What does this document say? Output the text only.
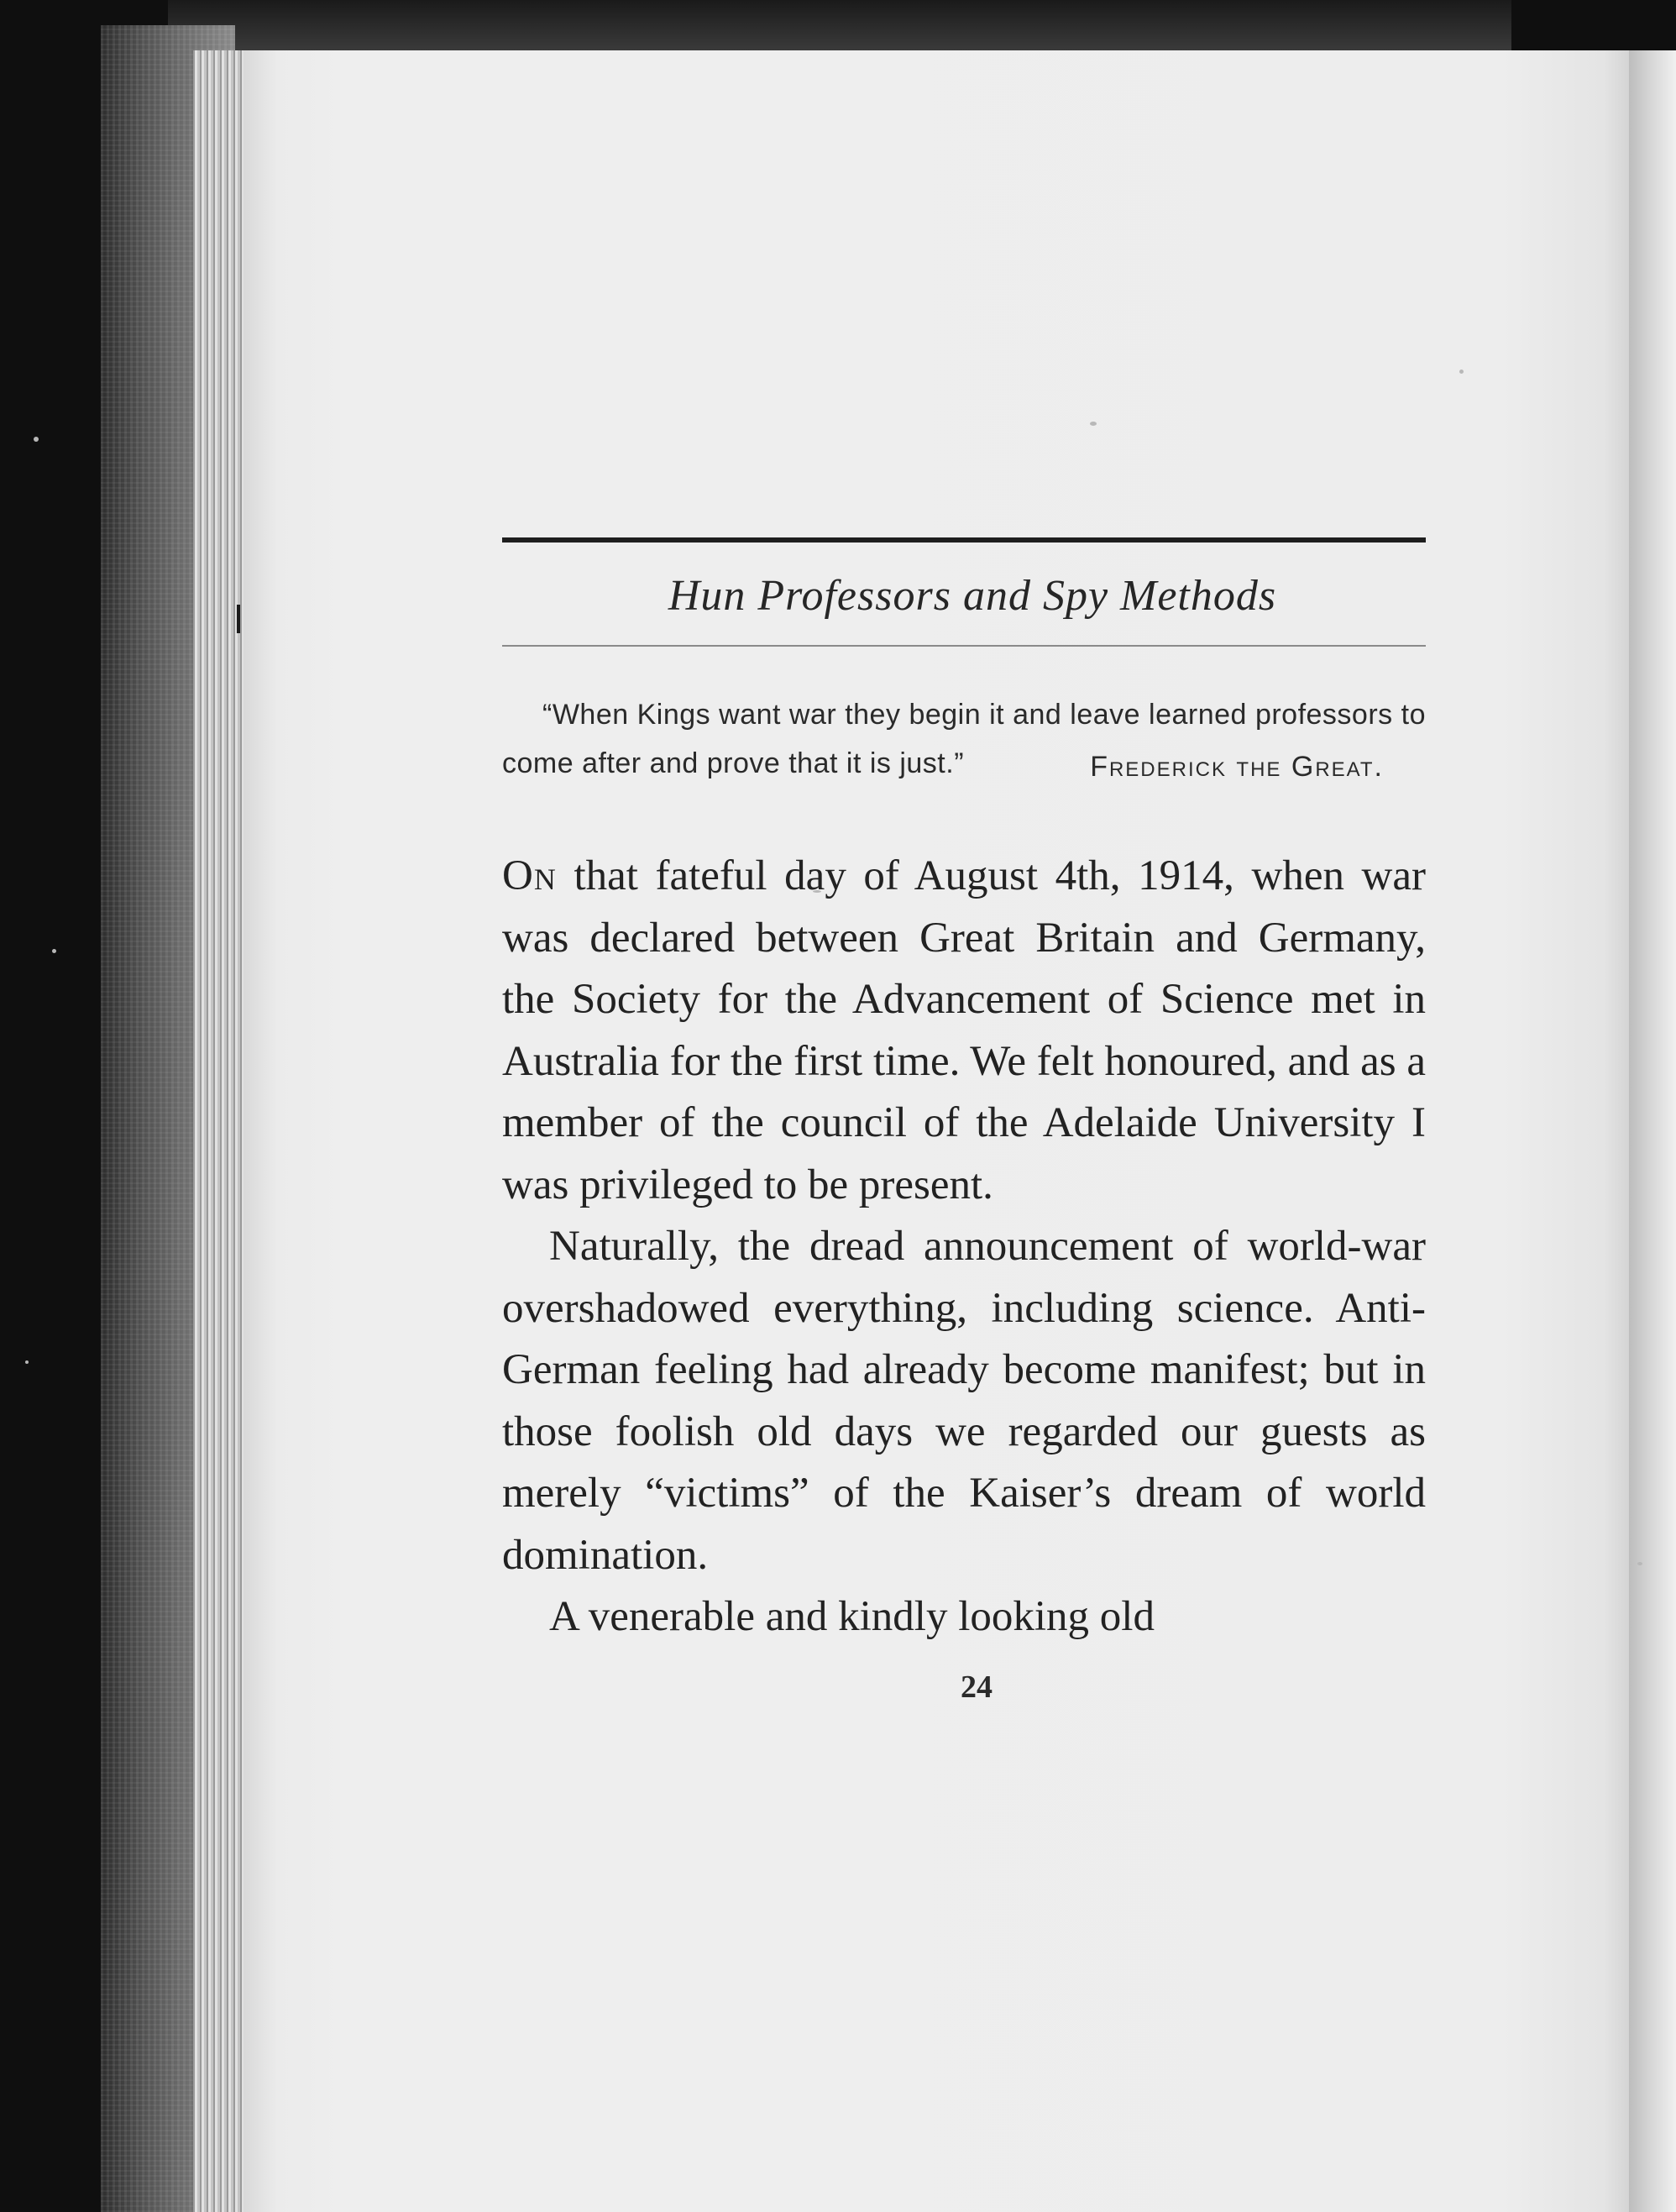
Hun Professors and Spy Methods
“When Kings want war they begin it and leave learned professors to come after and prove that it is just.”	Frederick the Great.

On that fateful day of August 4th, 1914, when war was declared between Great Britain and Germany, the Society for the Advancement of Science met in Australia for the first time. We felt honoured, and as a member of the council of the Adelaide University I was privileged to be present.

Naturally, the dread announcement of world-war overshadowed everything, including science. Anti-German feeling had already become manifest; but in those foolish old days we regarded our guests as merely “victims” of the Kaiser’s dream of world domination.

A venerable and kindly looking old

24
